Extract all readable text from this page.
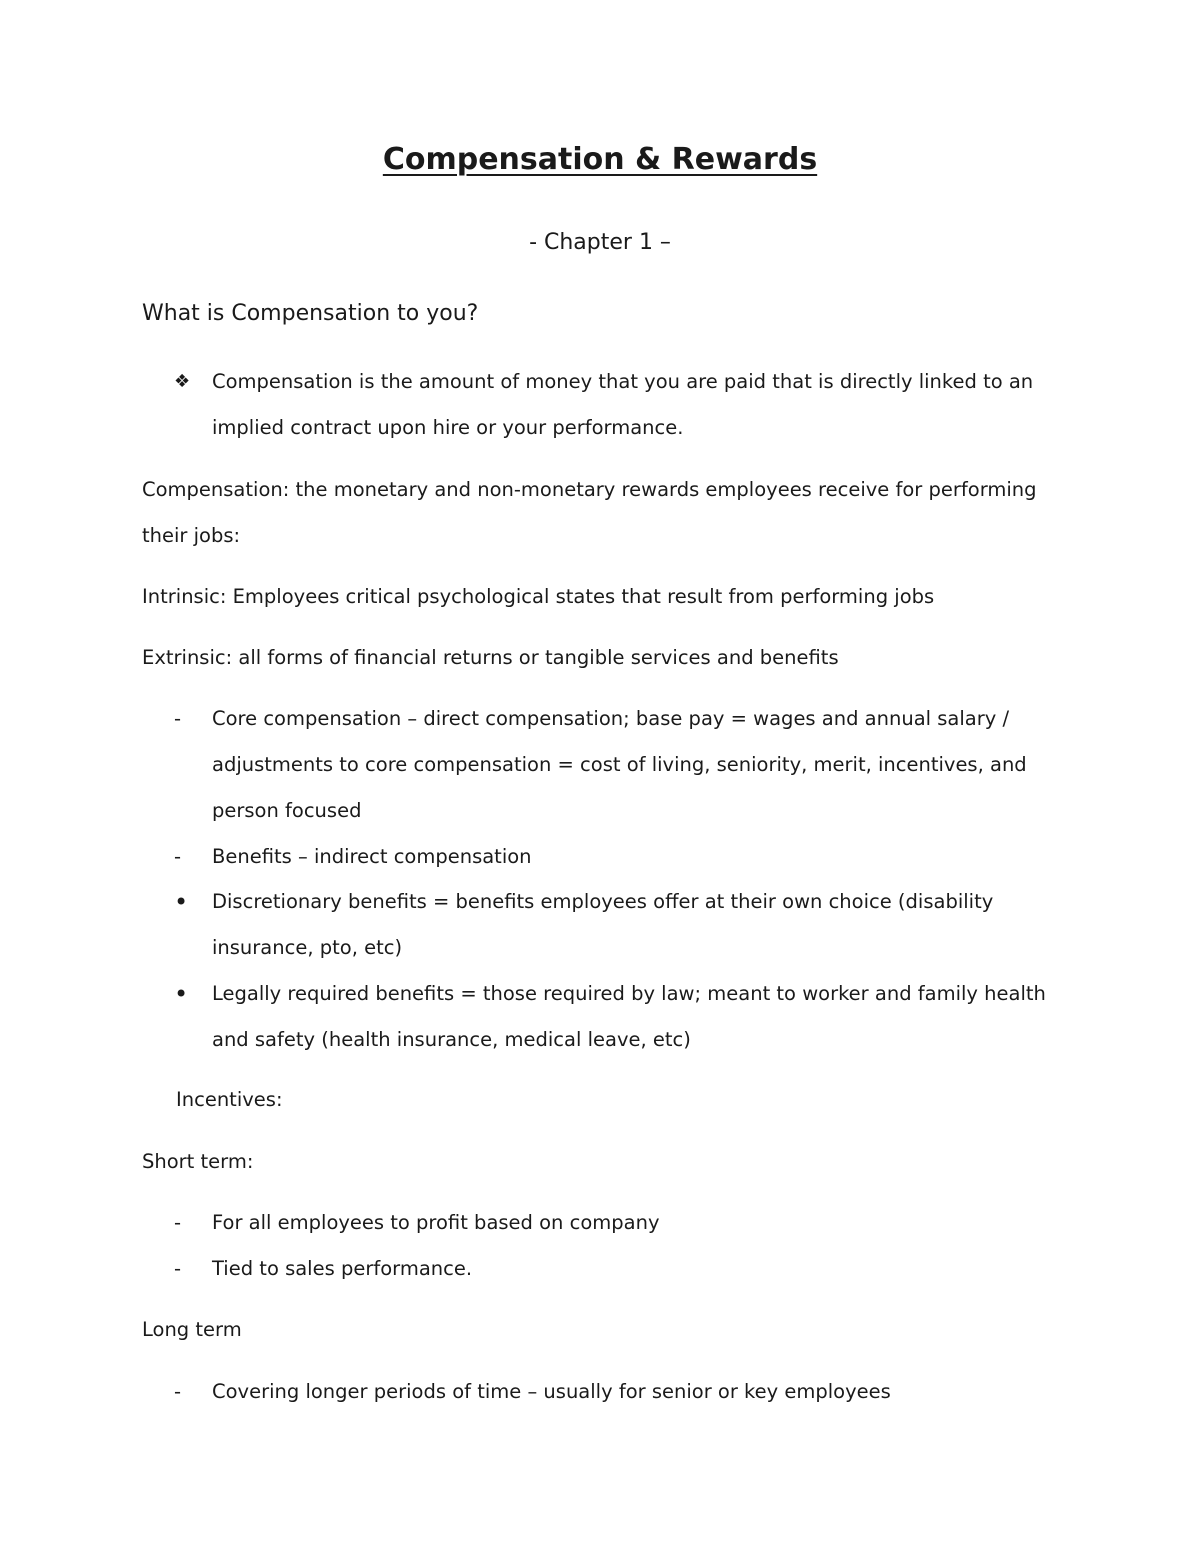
Compensation & Rewards

- Chapter 1 –

What is Compensation to you?
❖	Compensation is the amount of money that you are paid that is directly linked to an implied contract upon hire or your performance.

Compensation: the monetary and non-monetary rewards employees receive for performing their jobs:

Intrinsic: Employees critical psychological states that result from performing jobs

Extrinsic: all forms of financial returns or tangible services and benefits

-	Core compensation – direct compensation; base pay = wages and annual salary / adjustments to core compensation = cost of living, seniority, merit, incentives, and person focused
-	Benefits – indirect compensation
•	Discretionary benefits = benefits employees offer at their own choice (disability insurance, pto, etc)
•	Legally required benefits = those required by law; meant to worker and family health and safety (health insurance, medical leave, etc)

Incentives:

Short term:

-	For all employees to profit based on company
-	Tied to sales performance.

Long term

-	Covering longer periods of time – usually for senior or key employees
